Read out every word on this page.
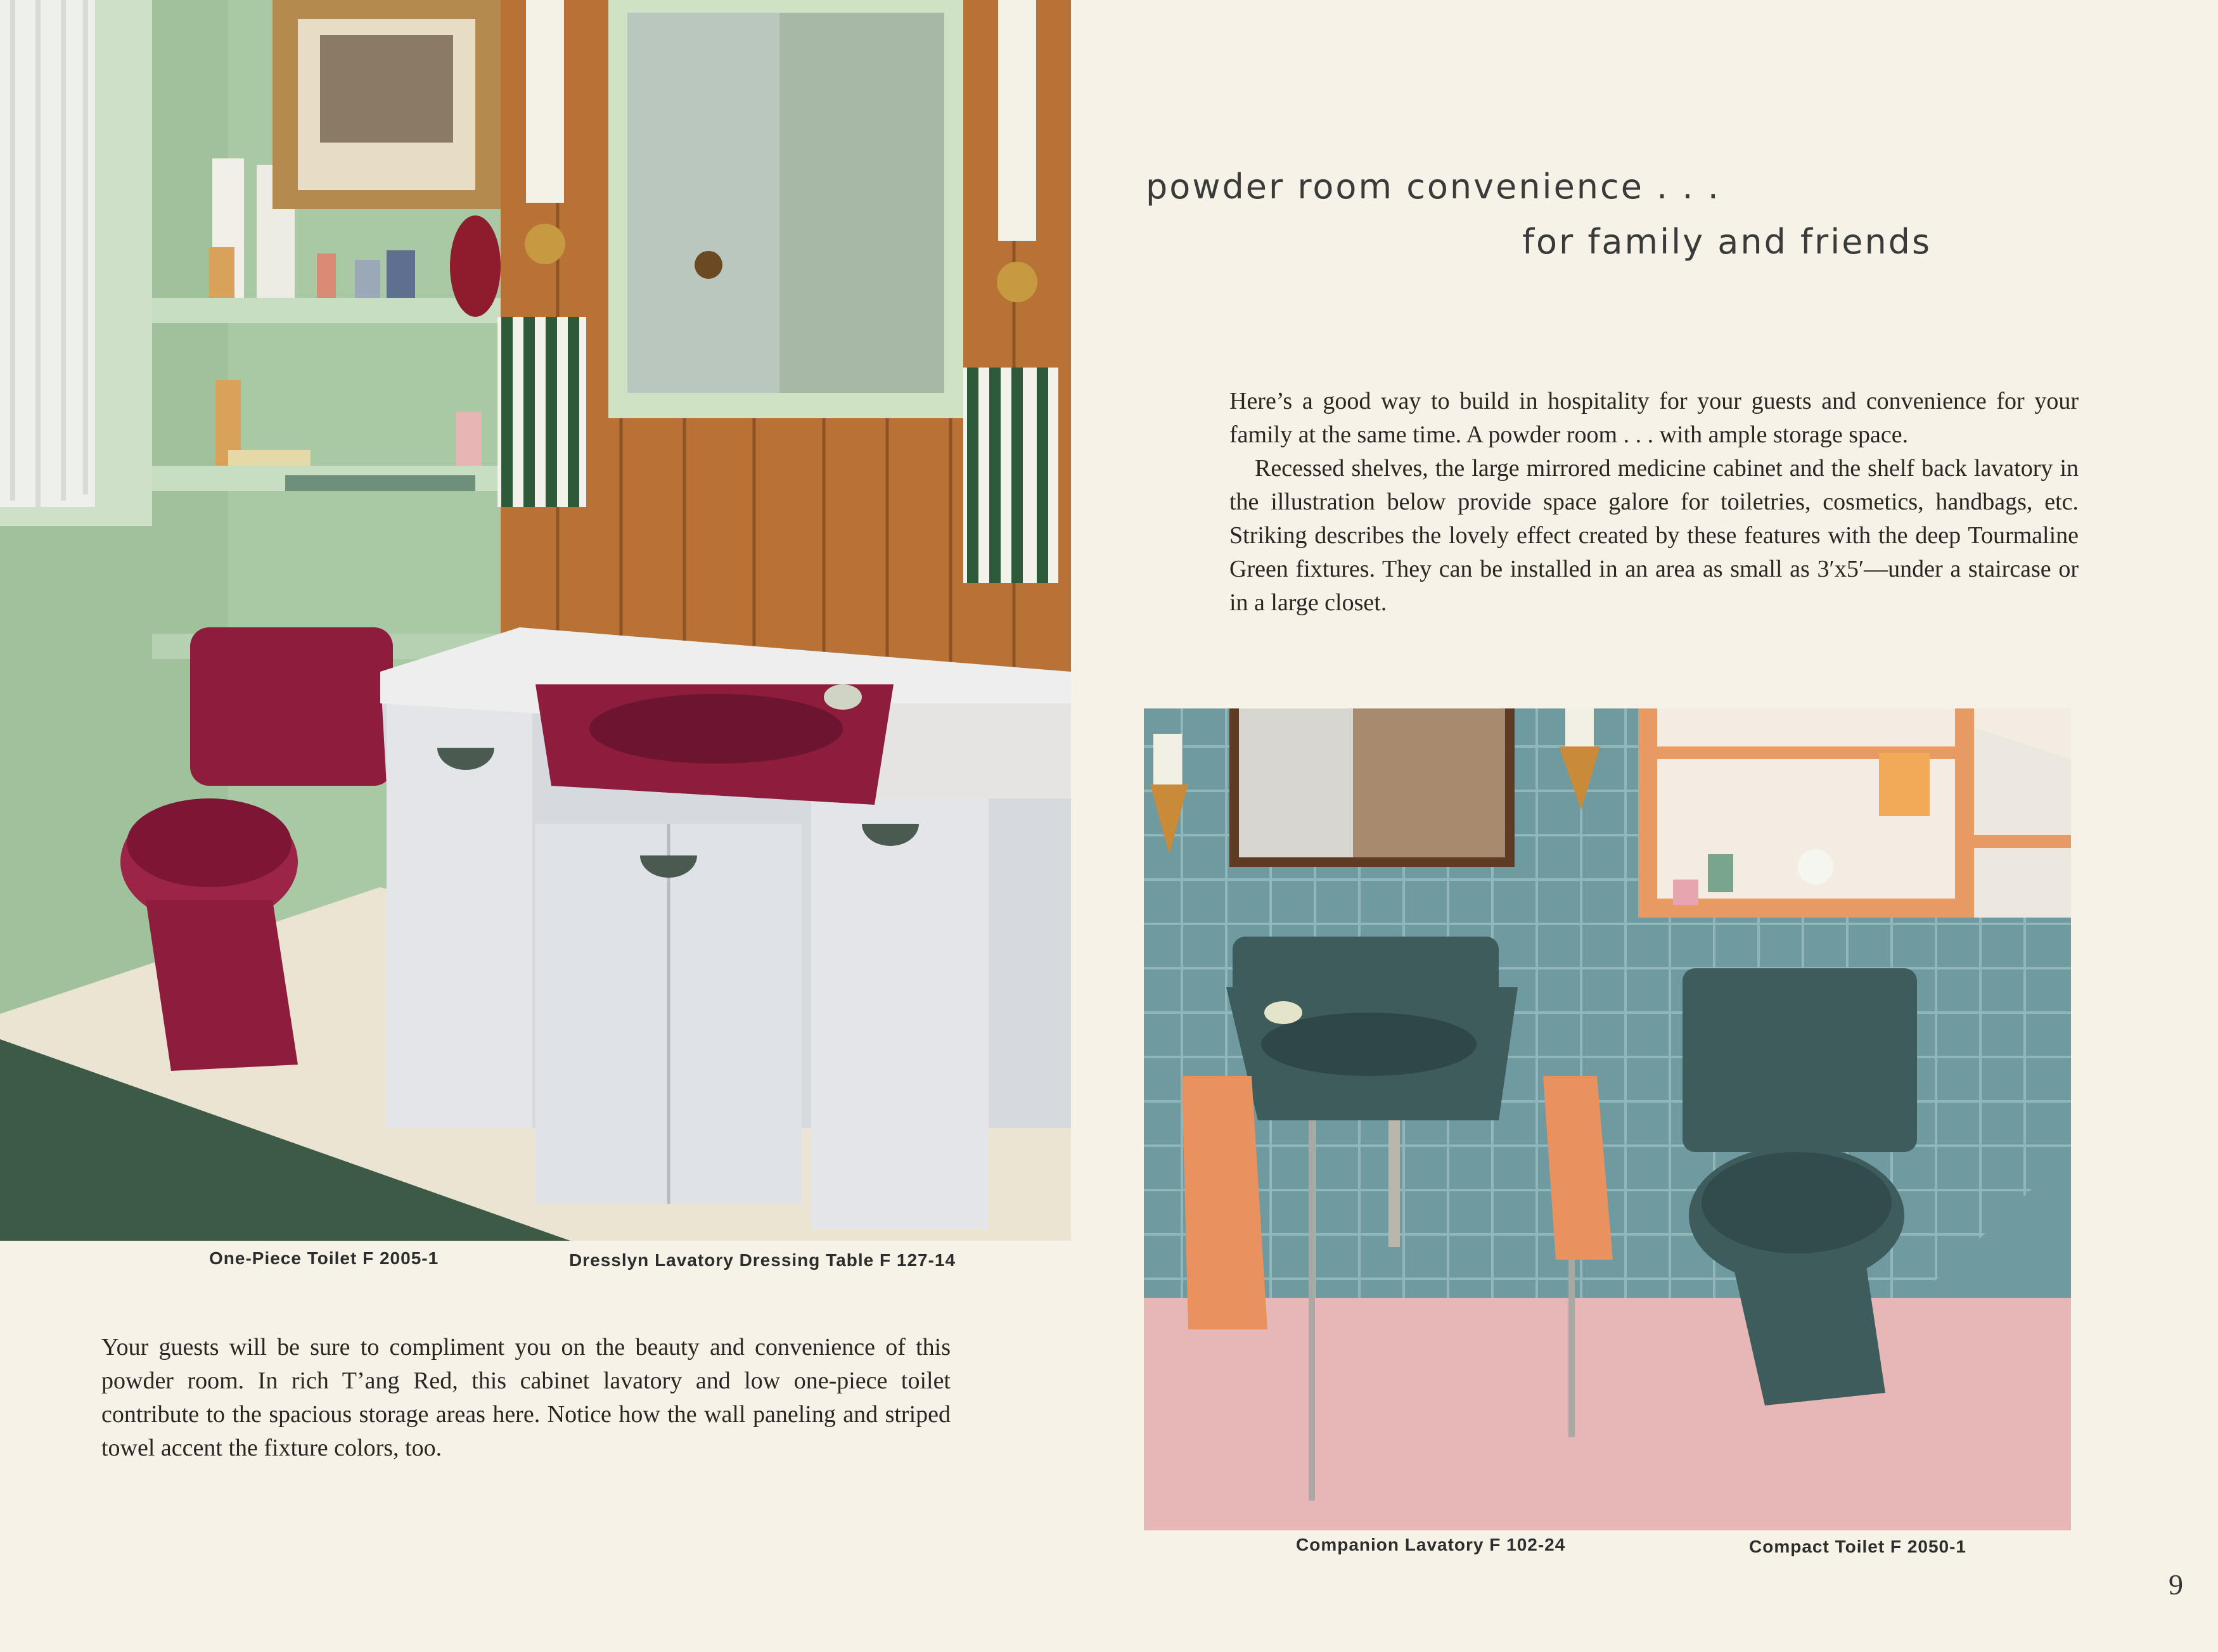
One-Piece Toilet F 2005-1	Dresslyn Lavatory Dressing Table F 127-14
Your guests will be sure to compliment you on the beauty and convenience of this powder room. In rich T’ang Red, this cabinet lavatory and low one-piece toilet contribute to the spacious storage areas here. Notice how the wall paneling and striped towel accent the fixture colors, too.
powder room convenience . . .
for family and friends

Here’s a good way to build in hospitality for your guests and convenience for your family at the same time. A powder room . . . with ample storage space.

Recessed shelves, the large mirrored medicine cabinet and the shelf back lavatory in the illustration below provide space galore for toiletries, cosmetics, handbags, etc. Striking describes the lovely effect created by these features with the deep Tourmaline Green fixtures. They can be installed in an area as small as 3′x5′—under a staircase or in a large closet.

Companion Lavatory F 102-24	Compact Toilet F 2050-1
9
